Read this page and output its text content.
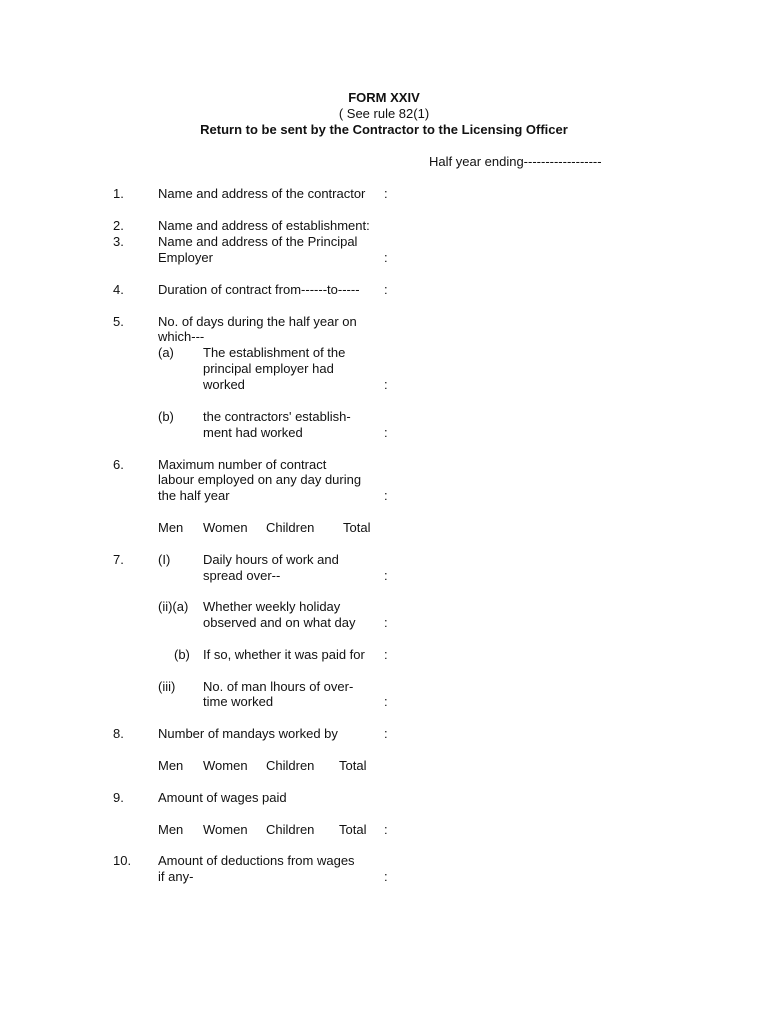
FORM XXIV
( See rule 82(1)
Return to be sent by the Contractor to the Licensing Officer
Half year ending------------------
1.	Name and address of the contractor :
2.	Name and address of establishment:
3.	Name and address of the Principal
Employer	:
4.	Duration of contract from------to----- :
5.	No. of days during the half year on
which---
(a) The establishment of the
principal employer had
worked	:
(b) the contractors' establish-
ment had worked	:
6.	Maximum number of contract
labour employed on any day during
the half year	:
Men Women Children Total
7.	(I)	Daily hours of work and
spread over--	:
(ii)(a) Whether weekly holiday
observed and on what day :
(b) If so, whether it was paid for :
(iii) No. of man lhours of over-
time worked	:
8.	Number of mandays worked by	:
Men Women Children Total
9.	Amount of wages paid
Men Women Children Total :
10. Amount of deductions from wages
if any-	:
